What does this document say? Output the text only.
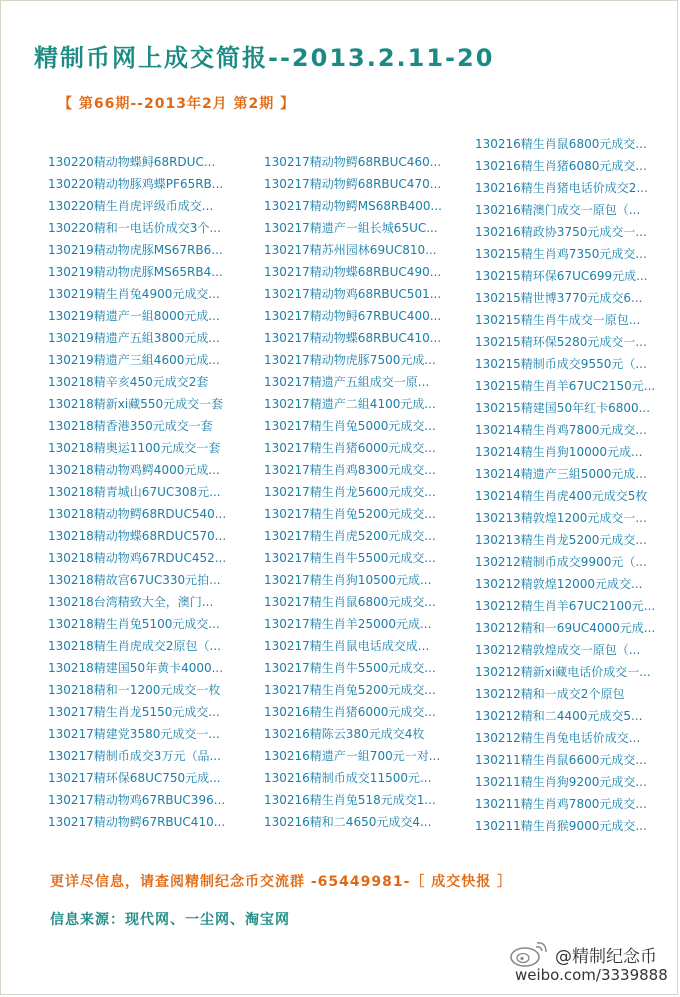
精制币网上成交简报--2013.2.11-20
【 第66期--2013年2月 第2期 】
130220精动物蝶鲟68RDUC...
130220精动物豚鸡蝶PF65RB...
130220精生肖虎评级币成交...
130220精和一电话价成交3个...
130219精动物虎豚MS67RB6...
130219精动物虎豚MS65RB4...
130219精生肖兔4900元成交...
130219精遗产一組8000元成...
130219精遗产五組3800元成...
130219精遗产三組4600元成...
130218精辛亥450元成交2套
130218精新xi藏550元成交一套
130218精香港350元成交一套
130218精奥运1100元成交一套
130218精动物鸡鳄4000元成...
130218精青城山67UC308元...
130218精动物鳄68RDUC540...
130218精动物蝶68RDUC570...
130218精动物鸡67RDUC452...
130218精故宫67UC330元拍...
130218台湾精致大全，澳门...
130218精生肖兔5100元成交...
130218精生肖虎成交2原包（...
130218精建国50年黄卡4000...
130218精和一1200元成交一枚
130217精生肖龙5150元成交...
130217精建党3580元成交一...
130217精制币成交3万元（品...
130217精环保68UC750元成...
130217精动物鸡67RBUC396...
130217精动物鳄67RBUC410...
130217精动物鳄68RBUC460...
130217精动物鳄68RBUC470...
130217精动物鳄MS68RB400...
130217精遗产一組长城65UC...
130217精苏州园林69UC810...
130217精动物蝶68RBUC490...
130217精动物鸡68RBUC501...
130217精动物鲟67RBUC400...
130217精动物蝶68RBUC410...
130217精动物虎豚7500元成...
130217精遗产五組成交一原...
130217精遗产二組4100元成...
130217精生肖兔5000元成交...
130217精生肖猪6000元成交...
130217精生肖鸡8300元成交...
130217精生肖龙5600元成交...
130217精生肖兔5200元成交...
130217精生肖虎5200元成交...
130217精生肖牛5500元成交...
130217精生肖狗10500元成...
130217精生肖鼠6800元成交...
130217精生肖羊25000元成...
130217精生肖鼠电话成交成...
130217精生肖牛5500元成交...
130217精生肖兔5200元成交...
130216精生肖猪6000元成交...
130216精陈云380元成交4枚
130216精遗产一組700元一对...
130216精制币成交11500元...
130216精生肖兔518元成交1...
130216精和二4650元成交4...
130216精生肖鼠6800元成交...
130216精生肖猪6080元成交...
130216精生肖猪电话价成交2...
130216精澳门成交一原包（...
130216精政协3750元成交一...
130215精生肖鸡7350元成交...
130215精环保67UC699元成...
130215精世博3770元成交6...
130215精生肖牛成交一原包...
130215精环保5280元成交一...
130215精制币成交9550元（...
130215精生肖羊67UC2150元...
130215精建国50年红卡6800...
130214精生肖鸡7800元成交...
130214精生肖狗10000元成...
130214精遗产三組5000元成...
130214精生肖虎400元成交5枚
130213精敦煌1200元成交一...
130213精生肖龙5200元成交...
130212精制币成交9900元（...
130212精敦煌12000元成交...
130212精生肖羊67UC2100元...
130212精和一69UC4000元成...
130212精敦煌成交一原包（...
130212精新xi藏电话价成交一...
130212精和一成交2个原包
130212精和二4400元成交5...
130212精生肖兔电话价成交...
130211精生肖鼠6600元成交...
130211精生肖狗9200元成交...
130211精生肖鸡7800元成交...
130211精生肖猴9000元成交...
更详尽信息，请查阅精制纪念币交流群 -65449981-［ 成交快报 ］
信息来源：现代网、一尘网、淘宝网
@精制纪念币
weibo.com/3339888
